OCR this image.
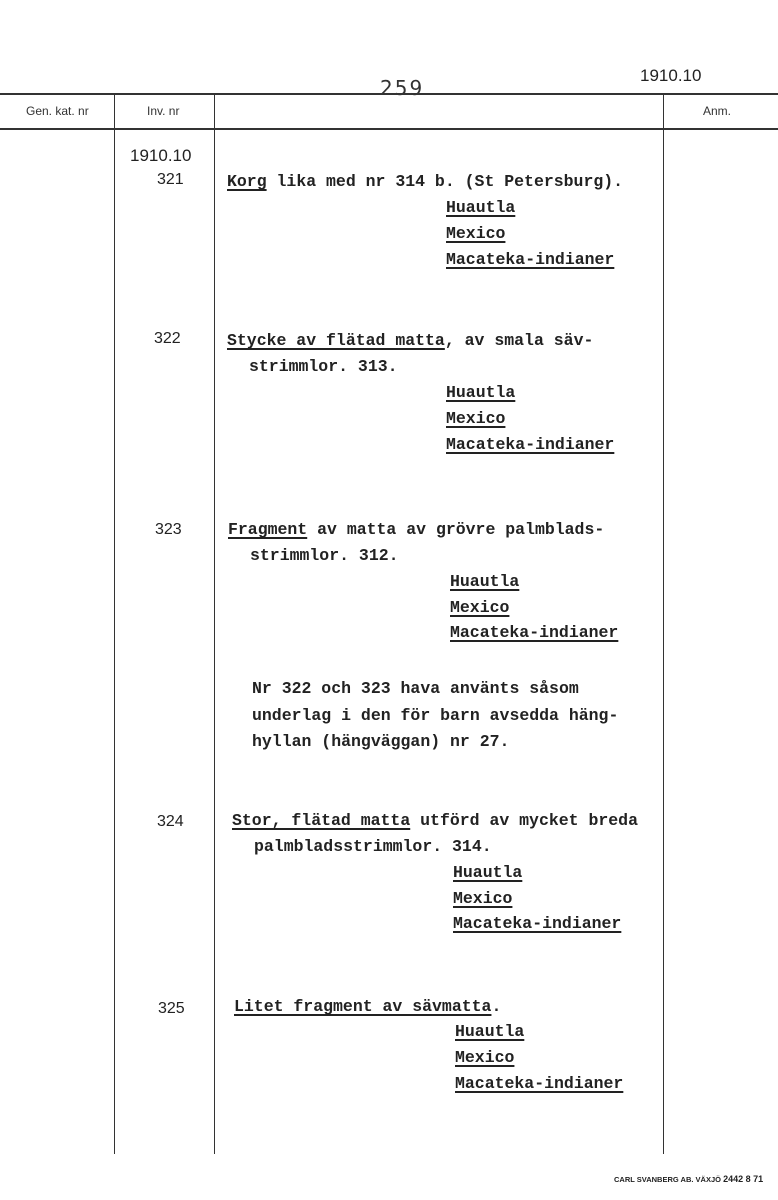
259
1910.10
Gen. kat. nr	Inv. nr	Anm.
1910.10
321	Korg lika med nr 314 b. (St Petersburg).
Huautla
Mexico
Macateka-indianer
322	Stycke av flätad matta, av smala säv-
strimmlor. 313.
Huautla
Mexico
Macateka-indianer
323	Fragment av matta av grövre palmblads-
strimmlor. 312.
Huautla
Mexico
Macateka-indianer
Nr 322 och 323 hava använts såsom
underlag i den för barn avsedda häng-
hyllan (hängväggan) nr 27.
324	Stor, flätad matta utförd av mycket breda
palmbladsstrimmlor. 314.
Huautla
Mexico
Macateka-indianer
325	Litet fragment av sävmatta.
Huautla
Mexico
Macateka-indianer
CARL SVANBERG AB. VÄXJÖ 2442 8 71
